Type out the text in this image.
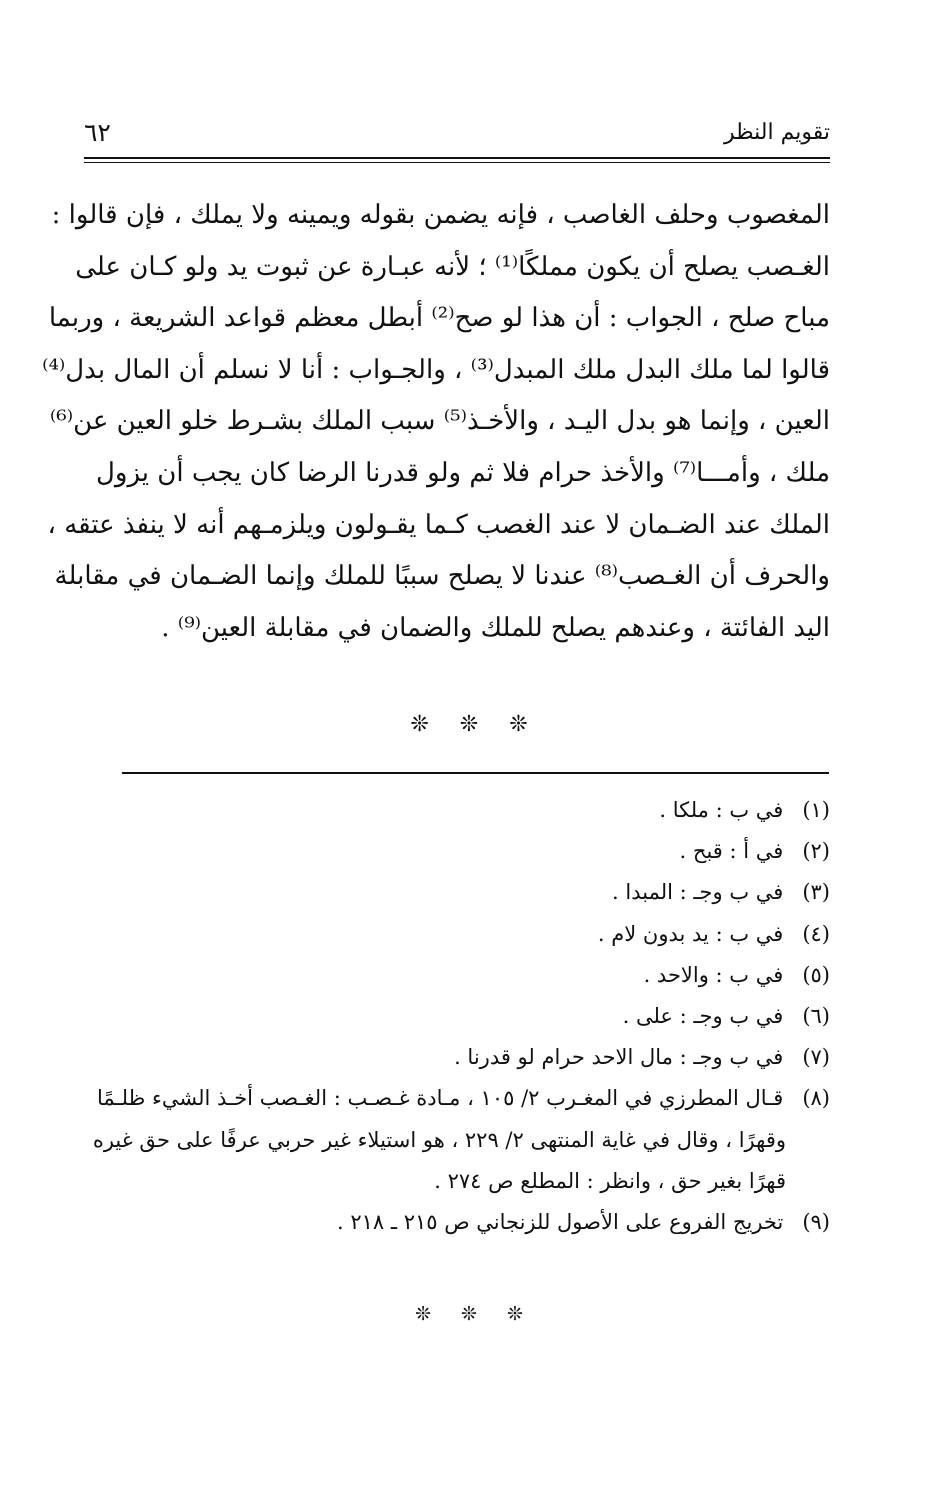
٦٢	تقويم النظر
المغصوب وحلف الغاصب ، فإنه يضمن بقوله ويمينه ولا يملك ، فإن قالوا :
الغـصب يصلح أن يكون مملكًا⁽¹⁾ ؛ لأنه عبـارة عن ثبوت يد ولو كـان على
مباح صلح ، الجواب : أن هذا لو صح⁽²⁾ أبطل معظم قواعد الشريعة ، وربما
قالوا لما ملك البدل ملك المبدل⁽³⁾ ، والجـواب : أنا لا نسلم أن المال بدل⁽⁴⁾
العين ، وإنما هو بدل اليـد ، والأخـذ⁽⁵⁾ سبب الملك بشـرط خلو العين عن⁽⁶⁾
ملك ، وأمـــا⁽⁷⁾ والأخذ حرام فلا ثم ولو قدرنا الرضا كان يجب أن يزول
الملك عند الضـمان لا عند الغصب كـما يقـولون ويلزمـهم أنه لا ينفذ عتقه ،
والحرف أن الغـصب⁽⁸⁾ عندنا لا يصلح سببًا للملك وإنما الضـمان في مقابلة
اليد الفائتة ، وعندهم يصلح للملك والضمان في مقابلة العين⁽⁹⁾ .
❊ ❊ ❊
(١) في ب : ملكا .
(٢) في أ : قبح .
(٣) في ب وجـ : المبدا .
(٤) في ب : يد بدون لام .
(٥) في ب : والاحد .
(٦) في ب وجـ : على .
(٧) في ب وجـ : مال الاحد حرام لو قدرنا .
(٨) قـال المطرزي في المغـرب ٢/ ١٠٥ ، مـادة غـصـب : الغـصب أخـذ الشيء ظلـمًا
وقهرًا ، وقال في غاية المنتهى ٢/ ٢٢٩ ، هو استيلاء غير حربي عرفًا على حق غيره
قهرًا بغير حق ، وانظر : المطلع ص ٢٧٤ .
(٩) تخريج الفروع على الأصول للزنجاني ص ٢١٥ ـ ٢١٨ .
❊ ❊ ❊
